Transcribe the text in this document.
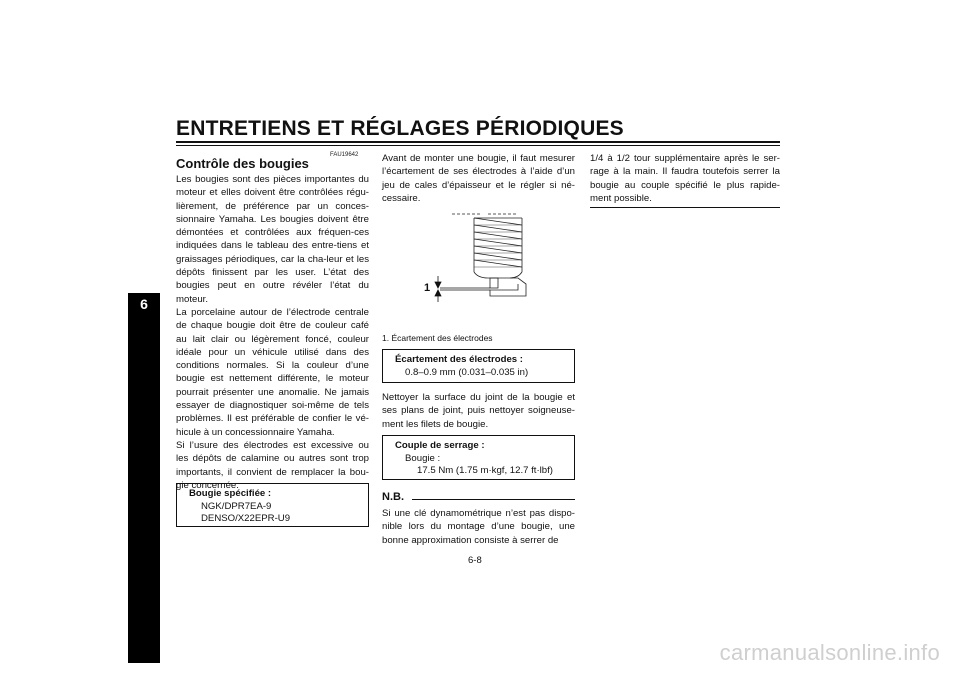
ENTRETIENS ET RÉGLAGES PÉRIODIQUES
6
FAU19642
Contrôle des bougies
Les bougies sont des pièces importantes du moteur et elles doivent être contrôlées régu-lièrement, de préférence par un conces-sionnaire Yamaha. Les bougies doivent être démontées et contrôlées aux fréquen-ces indiquées dans le tableau des entre-tiens et graissages périodiques, car la cha-leur et les dépôts finissent par les user. L’état des bougies peut en outre révéler l’état du moteur.
La porcelaine autour de l’électrode centrale de chaque bougie doit être de couleur café au lait clair ou légèrement foncé, couleur idéale pour un véhicule utilisé dans des conditions normales. Si la couleur d’une bougie est nettement différente, le moteur pourrait présenter une anomalie. Ne jamais essayer de diagnostiquer soi-même de tels problèmes. Il est préférable de confier le vé-hicule à un concessionnaire Yamaha.
Si l’usure des électrodes est excessive ou les dépôts de calamine ou autres sont trop importants, il convient de remplacer la bou-gie concernée.
Bougie spécifiée :
NGK/DPR7EA-9
DENSO/X22EPR-U9
Avant de monter une bougie, il faut mesurer l’écartement de ses électrodes à l’aide d’un jeu de cales d’épaisseur et le régler si né-cessaire.
1
1. Écartement des électrodes
Écartement des électrodes :
0.8–0.9 mm (0.031–0.035 in)
Nettoyer la surface du joint de la bougie et ses plans de joint, puis nettoyer soigneuse-ment les filets de bougie.
Couple de serrage :
Bougie :
17.5 Nm (1.75 m·kgf, 12.7 ft·lbf)
N.B.
Si une clé dynamométrique n’est pas dispo-nible lors du montage d’une bougie, une bonne approximation consiste à serrer de
1/4 à 1/2 tour supplémentaire après le ser-rage à la main. Il faudra toutefois serrer la bougie au couple spécifié le plus rapide-ment possible.
6-8
carmanualsonline.info
